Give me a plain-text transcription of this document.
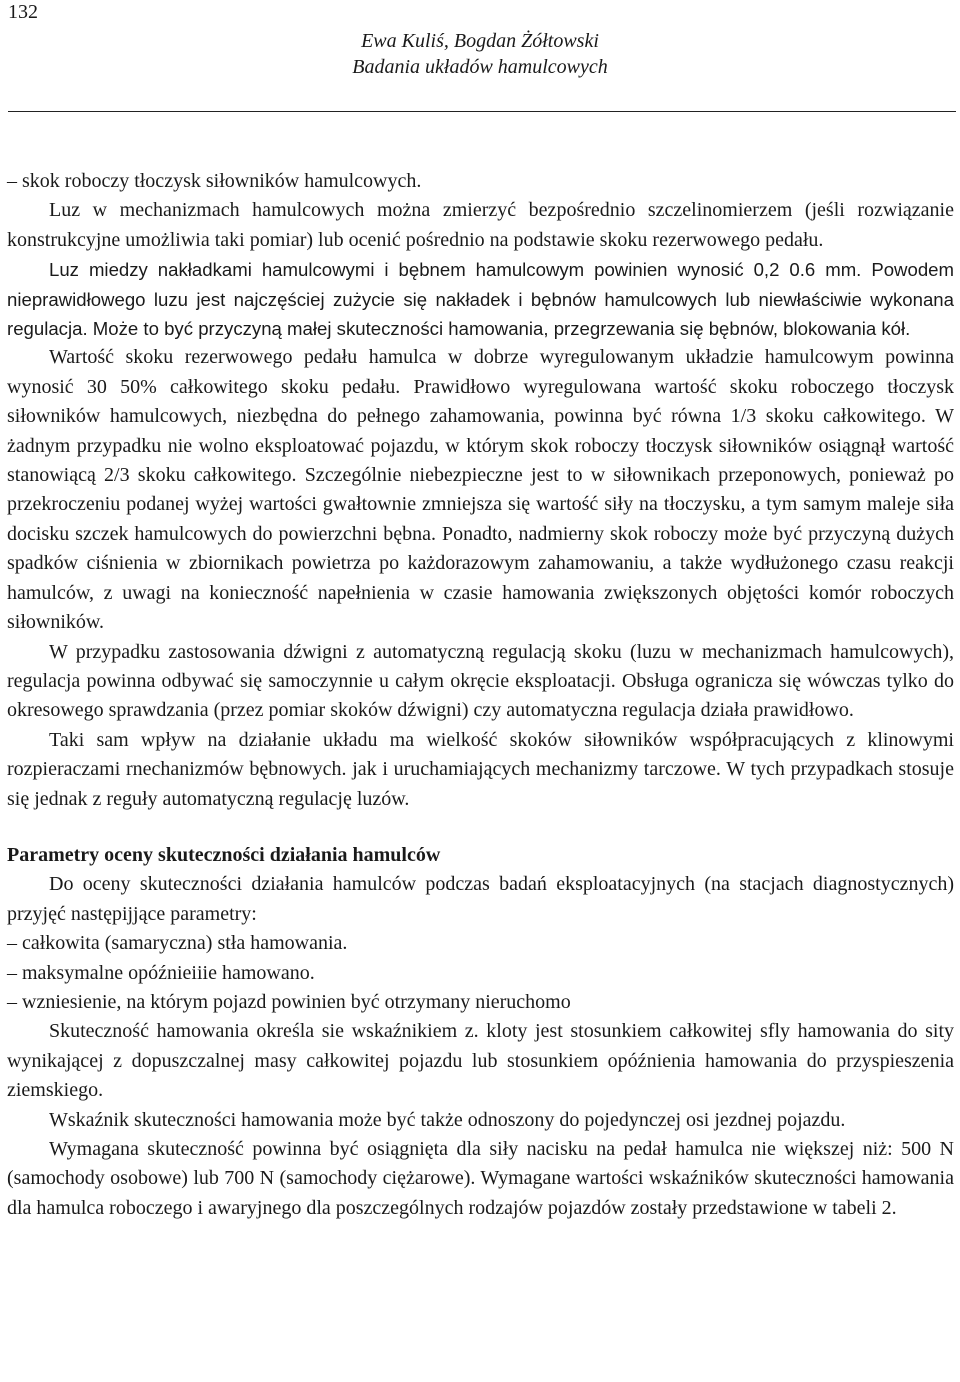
132
Ewa Kuliś, Bogdan Żółtowski
Badania układów hamulcowych

– skok roboczy tłoczysk siłowników hamulcowych.

Luz w mechanizmach hamulcowych można zmierzyć bezpośrednio szczelinomierzem (jeśli rozwiązanie konstrukcyjne umożliwia taki pomiar) lub ocenić pośrednio na podstawie skoku rezerwowego pedału.

Luz miedzy nakładkami hamulcowymi i bębnem hamulcowym powinien wynosić 0,2 0.6 mm. Powodem nieprawidłowego luzu jest najczęściej zużycie się nakładek i bębnów hamulcowych lub niewłaściwie wykonana regulacja. Może to być przyczyną małej skuteczności hamowania, przegrzewania się bębnów, blokowania kół.

Wartość skoku rezerwowego pedału hamulca w dobrze wyregulowanym układzie hamulcowym powinna wynosić 30 50% całkowitego skoku pedału. Prawidłowo wyregulowana wartość skoku roboczego tłoczysk siłowników hamulcowych, niezbędna do pełnego zahamowania, powinna być równa 1/3 skoku całkowitego. W żadnym przypadku nie wolno eksploatować pojazdu, w którym skok roboczy tłoczysk siłowników osiągnął wartość stanowiącą 2/3 skoku całkowitego. Szczególnie niebezpieczne jest to w siłownikach przeponowych, ponieważ po przekroczeniu podanej wyżej wartości gwałtownie zmniejsza się wartość siły na tłoczysku, a tym samym maleje siła docisku szczek hamulcowych do powierzchni bębna. Ponadto, nadmierny skok roboczy może być przyczyną dużych spadków ciśnienia w zbiornikach powietrza po każdorazowym zahamowaniu, a także wydłużonego czasu reakcji hamulców, z uwagi na konieczność napełnienia w czasie hamowania zwiększonych objętości komór roboczych siłowników.

W przypadku zastosowania dźwigni z automatyczną regulacją skoku (luzu w mechanizmach hamulcowych), regulacja powinna odbywać się samoczynnie u całym okręcie eksploatacji. Obsługa ogranicza się wówczas tylko do okresowego sprawdzania (przez pomiar skoków dźwigni) czy automatyczna regulacja działa prawidłowo.

Taki sam wpływ na działanie układu ma wielkość skoków siłowników współpracujących z klinowymi rozpieraczami rnechanizmów bębnowych. jak i uruchamiających mechanizmy tarczowe. W tych przypadkach stosuje się jednak z reguły automatyczną regulację luzów.

Parametry oceny skuteczności działania hamulców

Do oceny skuteczności działania hamulców podczas badań eksploatacyjnych (na stacjach diagnostycznych) przyjęć następijjące parametry:

– całkowita (samaryczna) stła hamowania.

– maksymalne opóźnieiiie hamowano.

– wzniesienie, na którym pojazd powinien być otrzymany nieruchomo

Skuteczność hamowania określa sie wskaźnikiem z. kloty jest stosunkiem całkowitej sfly hamowania do sity wynikającej z dopuszczalnej masy całkowitej pojazdu lub stosunkiem opóźnienia hamowania do przyspieszenia ziemskiego.

Wskaźnik skuteczności hamowania może być także odnoszony do pojedynczej osi jezdnej pojazdu.

Wymagana skuteczność powinna być osiągnięta dla siły nacisku na pedał hamulca nie większej niż: 500 N (samochody osobowe) lub 700 N (samochody ciężarowe). Wymagane wartości wskaźników skuteczności hamowania dla hamulca roboczego i awaryjnego dla poszczególnych rodzajów pojazdów zostały przedstawione w tabeli 2.
